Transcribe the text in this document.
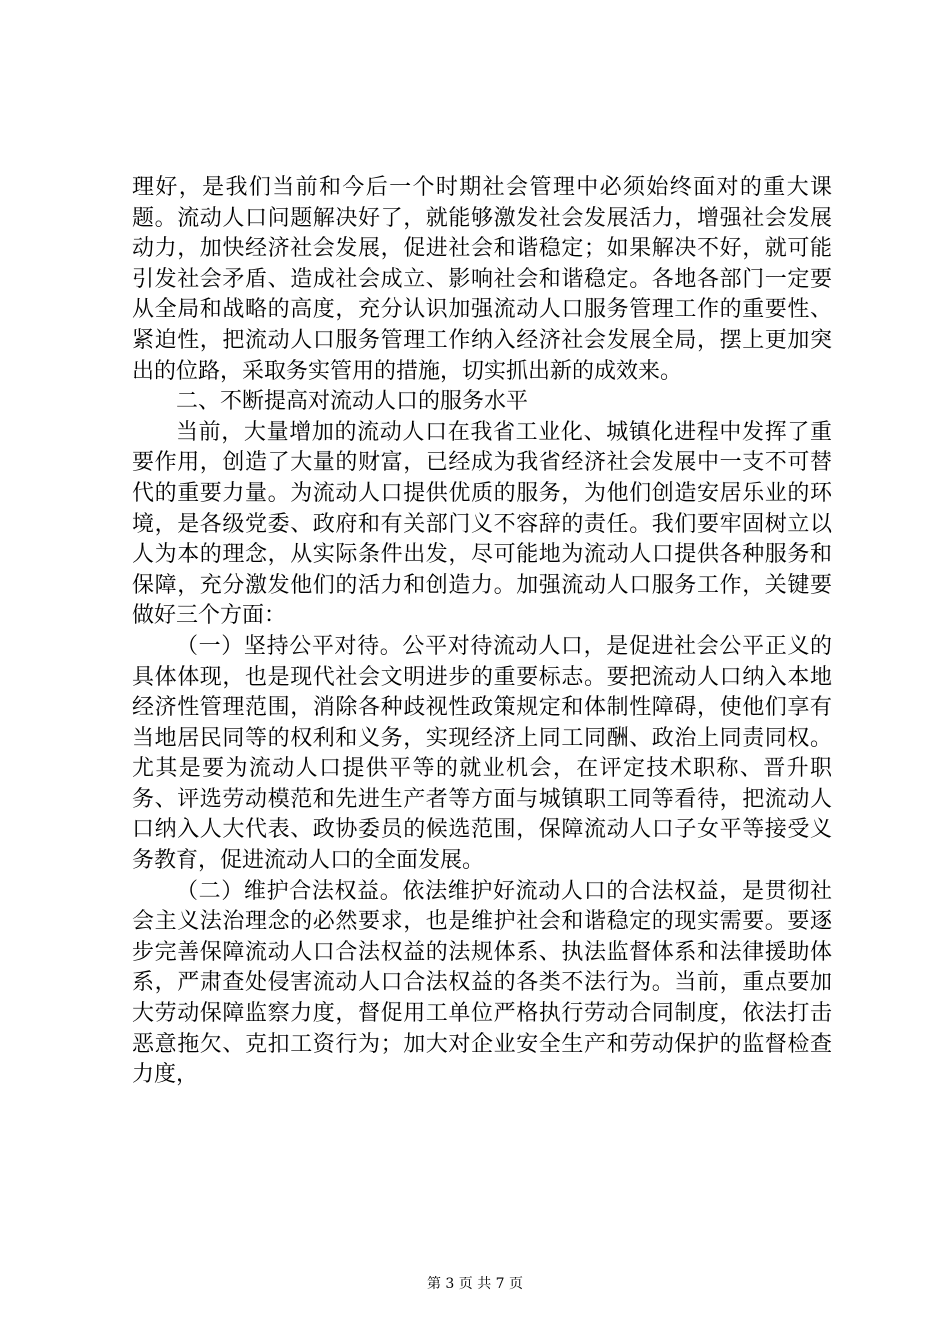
理好，是我们当前和今后一个时期社会管理中必须始终面对的重大课题。流动人口问题解决好了，就能够激发社会发展活力，增强社会发展动力，加快经济社会发展，促进社会和谐稳定；如果解决不好，就可能引发社会矛盾、造成社会成立、影响社会和谐稳定。各地各部门一定要从全局和战略的高度，充分认识加强流动人口服务管理工作的重要性、紧迫性，把流动人口服务管理工作纳入经济社会发展全局，摆上更加突出的位路，采取务实管用的措施，切实抓出新的成效来。

二、不断提高对流动人口的服务水平

当前，大量增加的流动人口在我省工业化、城镇化进程中发挥了重要作用，创造了大量的财富，已经成为我省经济社会发展中一支不可替代的重要力量。为流动人口提供优质的服务，为他们创造安居乐业的环境，是各级党委、政府和有关部门义不容辞的责任。我们要牢固树立以人为本的理念，从实际条件出发，尽可能地为流动人口提供各种服务和保障，充分激发他们的活力和创造力。加强流动人口服务工作，关键要做好三个方面：

（一）坚持公平对待。公平对待流动人口，是促进社会公平正义的具体体现，也是现代社会文明进步的重要标志。要把流动人口纳入本地经济性管理范围，消除各种歧视性政策规定和体制性障碍，使他们享有当地居民同等的权利和义务，实现经济上同工同酬、政治上同责同权。尤其是要为流动人口提供平等的就业机会，在评定技术职称、晋升职务、评选劳动模范和先进生产者等方面与城镇职工同等看待，把流动人口纳入人大代表、政协委员的候选范围，保障流动人口子女平等接受义务教育，促进流动人口的全面发展。

（二）维护合法权益。依法维护好流动人口的合法权益，是贯彻社会主义法治理念的必然要求，也是维护社会和谐稳定的现实需要。要逐步完善保障流动人口合法权益的法规体系、执法监督体系和法律援助体系，严肃查处侵害流动人口合法权益的各类不法行为。当前，重点要加大劳动保障监察力度，督促用工单位严格执行劳动合同制度，依法打击恶意拖欠、克扣工资行为；加大对企业安全生产和劳动保护的监督检查力度，

第 3 页 共 7 页
